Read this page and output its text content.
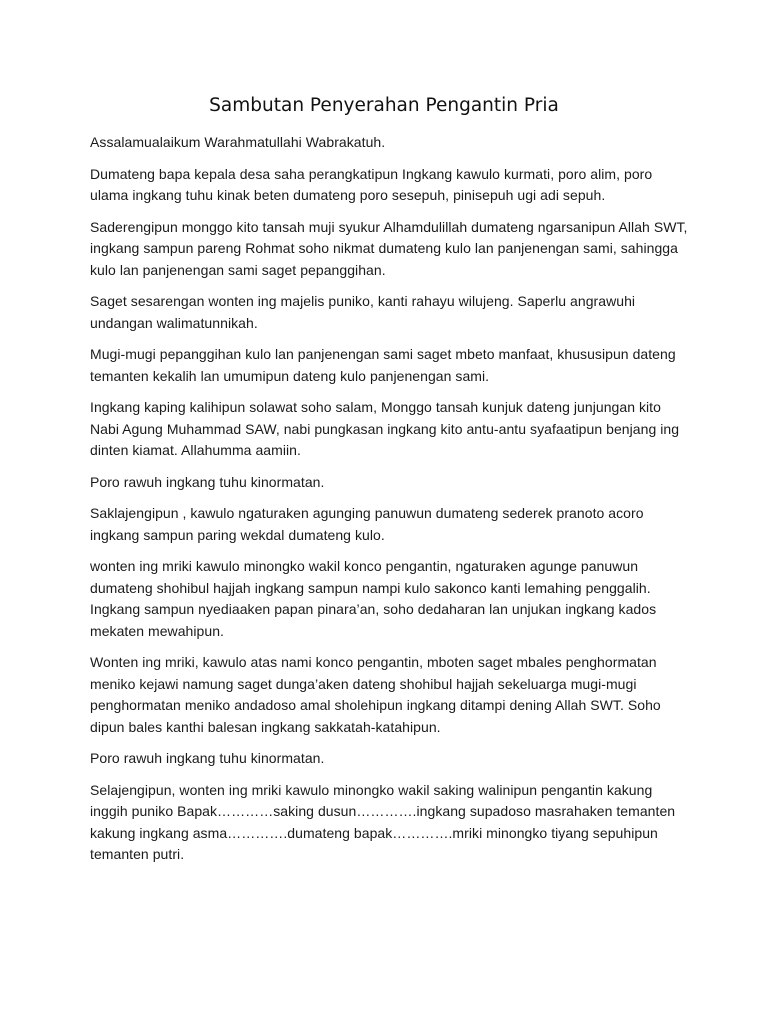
Sambutan Penyerahan Pengantin Pria

Assalamualaikum Warahmatullahi Wabrakatuh.

Dumateng bapa kepala desa saha perangkatipun Ingkang kawulo kurmati, poro alim, poro
ulama ingkang tuhu kinak beten dumateng poro sesepuh, pinisepuh ugi adi sepuh.

Saderengipun monggo kito tansah muji syukur Alhamdulillah dumateng ngarsanipun Allah SWT,
ingkang sampun pareng Rohmat soho nikmat dumateng kulo lan panjenengan sami, sahingga
kulo lan panjenengan sami saget pepanggihan.

Saget sesarengan wonten ing majelis puniko, kanti rahayu wilujeng. Saperlu angrawuhi
undangan walimatunnikah.

Mugi-mugi pepanggihan kulo lan panjenengan sami saget mbeto manfaat, khususipun dateng
temanten kekalih lan umumipun dateng kulo panjenengan sami.

Ingkang kaping kalihipun solawat soho salam, Monggo tansah kunjuk dateng junjungan kito
Nabi Agung Muhammad SAW, nabi pungkasan ingkang kito antu-antu syafaatipun benjang ing
dinten kiamat. Allahumma aamiin.

Poro rawuh ingkang tuhu kinormatan.

Saklajengipun , kawulo ngaturaken agunging panuwun dumateng sederek pranoto acoro
ingkang sampun paring wekdal dumateng kulo.

wonten ing mriki kawulo minongko wakil konco pengantin, ngaturaken agunge panuwun
dumateng shohibul hajjah ingkang sampun nampi kulo sakonco kanti lemahing penggalih.
Ingkang sampun nyediaaken papan pinara’an, soho dedaharan lan unjukan ingkang kados
mekaten mewahipun.

Wonten ing mriki, kawulo atas nami konco pengantin, mboten saget mbales penghormatan
meniko kejawi namung saget dunga’aken dateng shohibul hajjah sekeluarga mugi-mugi
penghormatan meniko andadoso amal sholehipun ingkang ditampi dening Allah SWT. Soho
dipun bales kanthi balesan ingkang sakkatah-katahipun.

Poro rawuh ingkang tuhu kinormatan.

Selajengipun, wonten ing mriki kawulo minongko wakil saking walinipun pengantin kakung
inggih puniko Bapak…………saking dusun………….ingkang supadoso masrahaken temanten
kakung ingkang asma………….dumateng bapak………….mriki minongko tiyang sepuhipun
temanten putri.
